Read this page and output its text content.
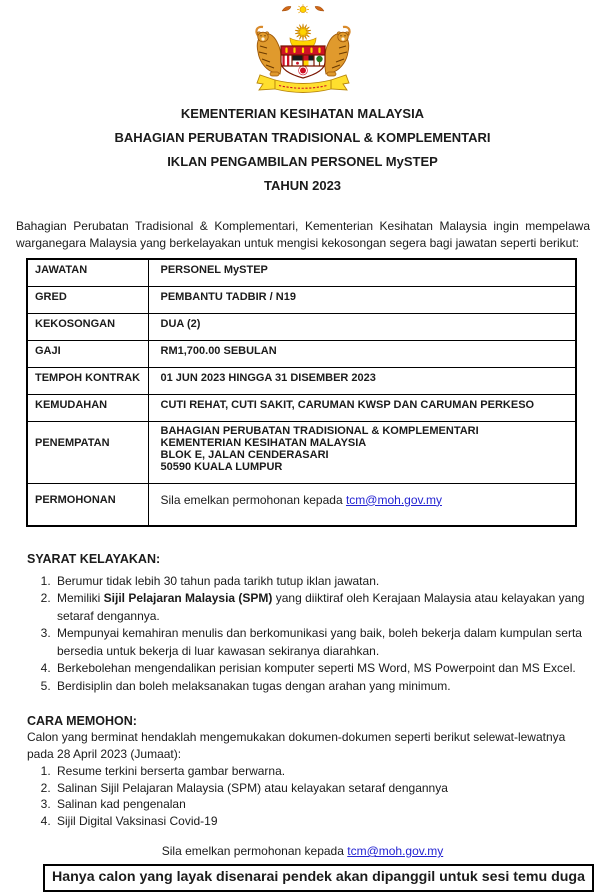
KEMENTERIAN KESIHATAN MALAYSIA
BAHAGIAN PERUBATAN TRADISIONAL & KOMPLEMENTARI
IKLAN PENGAMBILAN PERSONEL MySTEP
TAHUN 2023

Bahagian Perubatan Tradisional & Komplementari, Kementerian Kesihatan Malaysia ingin mempelawa warganegara Malaysia yang berkelayakan untuk mengisi kekosongan segera bagi jawatan seperti berikut:

JAWATAN	PERSONEL MySTEP
GRED	PEMBANTU TADBIR / N19
KEKOSONGAN	DUA (2)
GAJI	RM1,700.00 SEBULAN
TEMPOH KONTRAK	01 JUN 2023 HINGGA 31 DISEMBER 2023
KEMUDAHAN	CUTI REHAT, CUTI SAKIT, CARUMAN KWSP DAN CARUMAN PERKESO
PENEMPATAN	BAHAGIAN PERUBATAN TRADISIONAL & KOMPLEMENTARI
KEMENTERIAN KESIHATAN MALAYSIA
BLOK E, JALAN CENDERASARI
50590 KUALA LUMPUR

PERMOHONAN	Sila emelkan permohonan kepada tcm@moh.gov.my
SYARAT KELAYAKAN:
1. Berumur tidak lebih 30 tahun pada tarikh tutup iklan jawatan.
2. Memiliki Sijil Pelajaran Malaysia (SPM) yang diiktiraf oleh Kerajaan Malaysia atau kelayakan yang setaraf dengannya.
3. Mempunyai kemahiran menulis dan berkomunikasi yang baik, boleh bekerja dalam kumpulan serta bersedia untuk bekerja di luar kawasan sekiranya diarahkan.
4. Berkebolehan mengendalikan perisian komputer seperti MS Word, MS Powerpoint dan MS Excel.
5. Berdisiplin dan boleh melaksanakan tugas dengan arahan yang minimum.
CARA MEMOHON:

Calon yang berminat hendaklah mengemukakan dokumen-dokumen seperti berikut selewat-lewatnya pada 28 April 2023 (Jumaat):

1. Resume terkini berserta gambar berwarna.
2. Salinan Sijil Pelajaran Malaysia (SPM) atau kelayakan setaraf dengannya
3. Salinan kad pengenalan
4. Sijil Digital Vaksinasi Covid-19

Sila emelkan permohonan kepada tcm@moh.gov.my

Hanya calon yang layak disenarai pendek akan dipanggil untuk sesi temu duga
